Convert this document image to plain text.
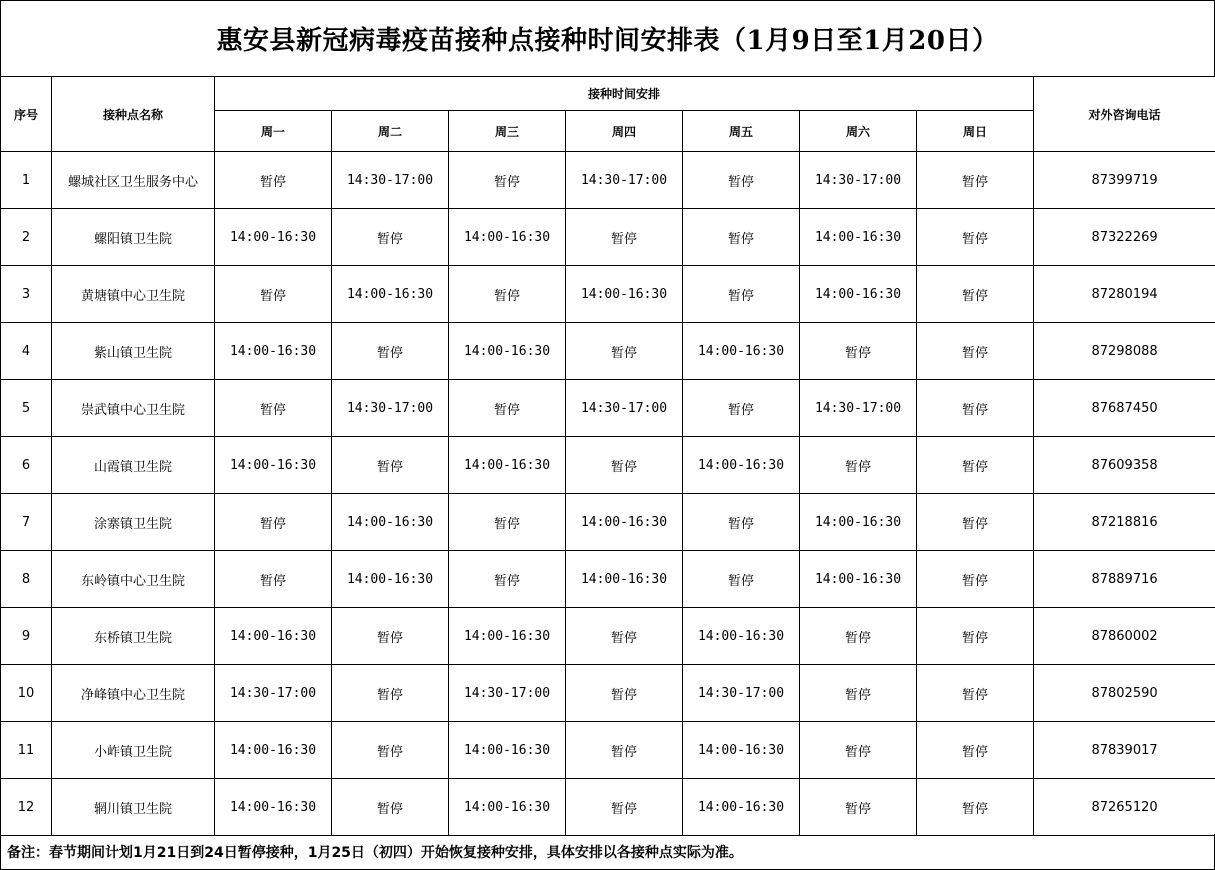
惠安县新冠病毒疫苗接种点接种时间安排表（1月9日至1月20日）
序号	接种点名称	接种时间安排							对外咨询电话
		周一	周二	周三	周四	周五	周六	周日	
1	螺城社区卫生服务中心	暂停	14:30-17:00	暂停	14:30-17:00	暂停	14:30-17:00	暂停	87399719
2	螺阳镇卫生院	14:00-16:30	暂停	14:00-16:30	暂停	暂停	14:00-16:30	暂停	87322269
3	黄塘镇中心卫生院	暂停	14:00-16:30	暂停	14:00-16:30	暂停	14:00-16:30	暂停	87280194
4	紫山镇卫生院	14:00-16:30	暂停	14:00-16:30	暂停	14:00-16:30	暂停	暂停	87298088
5	崇武镇中心卫生院	暂停	14:30-17:00	暂停	14:30-17:00	暂停	14:30-17:00	暂停	87687450
6	山霞镇卫生院	14:00-16:30	暂停	14:00-16:30	暂停	14:00-16:30	暂停	暂停	87609358
7	涂寨镇卫生院	暂停	14:00-16:30	暂停	14:00-16:30	暂停	14:00-16:30	暂停	87218816
8	东岭镇中心卫生院	暂停	14:00-16:30	暂停	14:00-16:30	暂停	14:00-16:30	暂停	87889716
9	东桥镇卫生院	14:00-16:30	暂停	14:00-16:30	暂停	14:00-16:30	暂停	暂停	87860002
10	净峰镇中心卫生院	14:30-17:00	暂停	14:30-17:00	暂停	14:30-17:00	暂停	暂停	87802590
11	小岞镇卫生院	14:00-16:30	暂停	14:00-16:30	暂停	14:00-16:30	暂停	暂停	87839017
12	辋川镇卫生院	14:00-16:30	暂停	14:00-16:30	暂停	14:00-16:30	暂停	暂停	87265120
备注：春节期间计划1月21日到24日暂停接种，1月25日（初四）开始恢复接种安排，具体安排以各接种点实际为准。
